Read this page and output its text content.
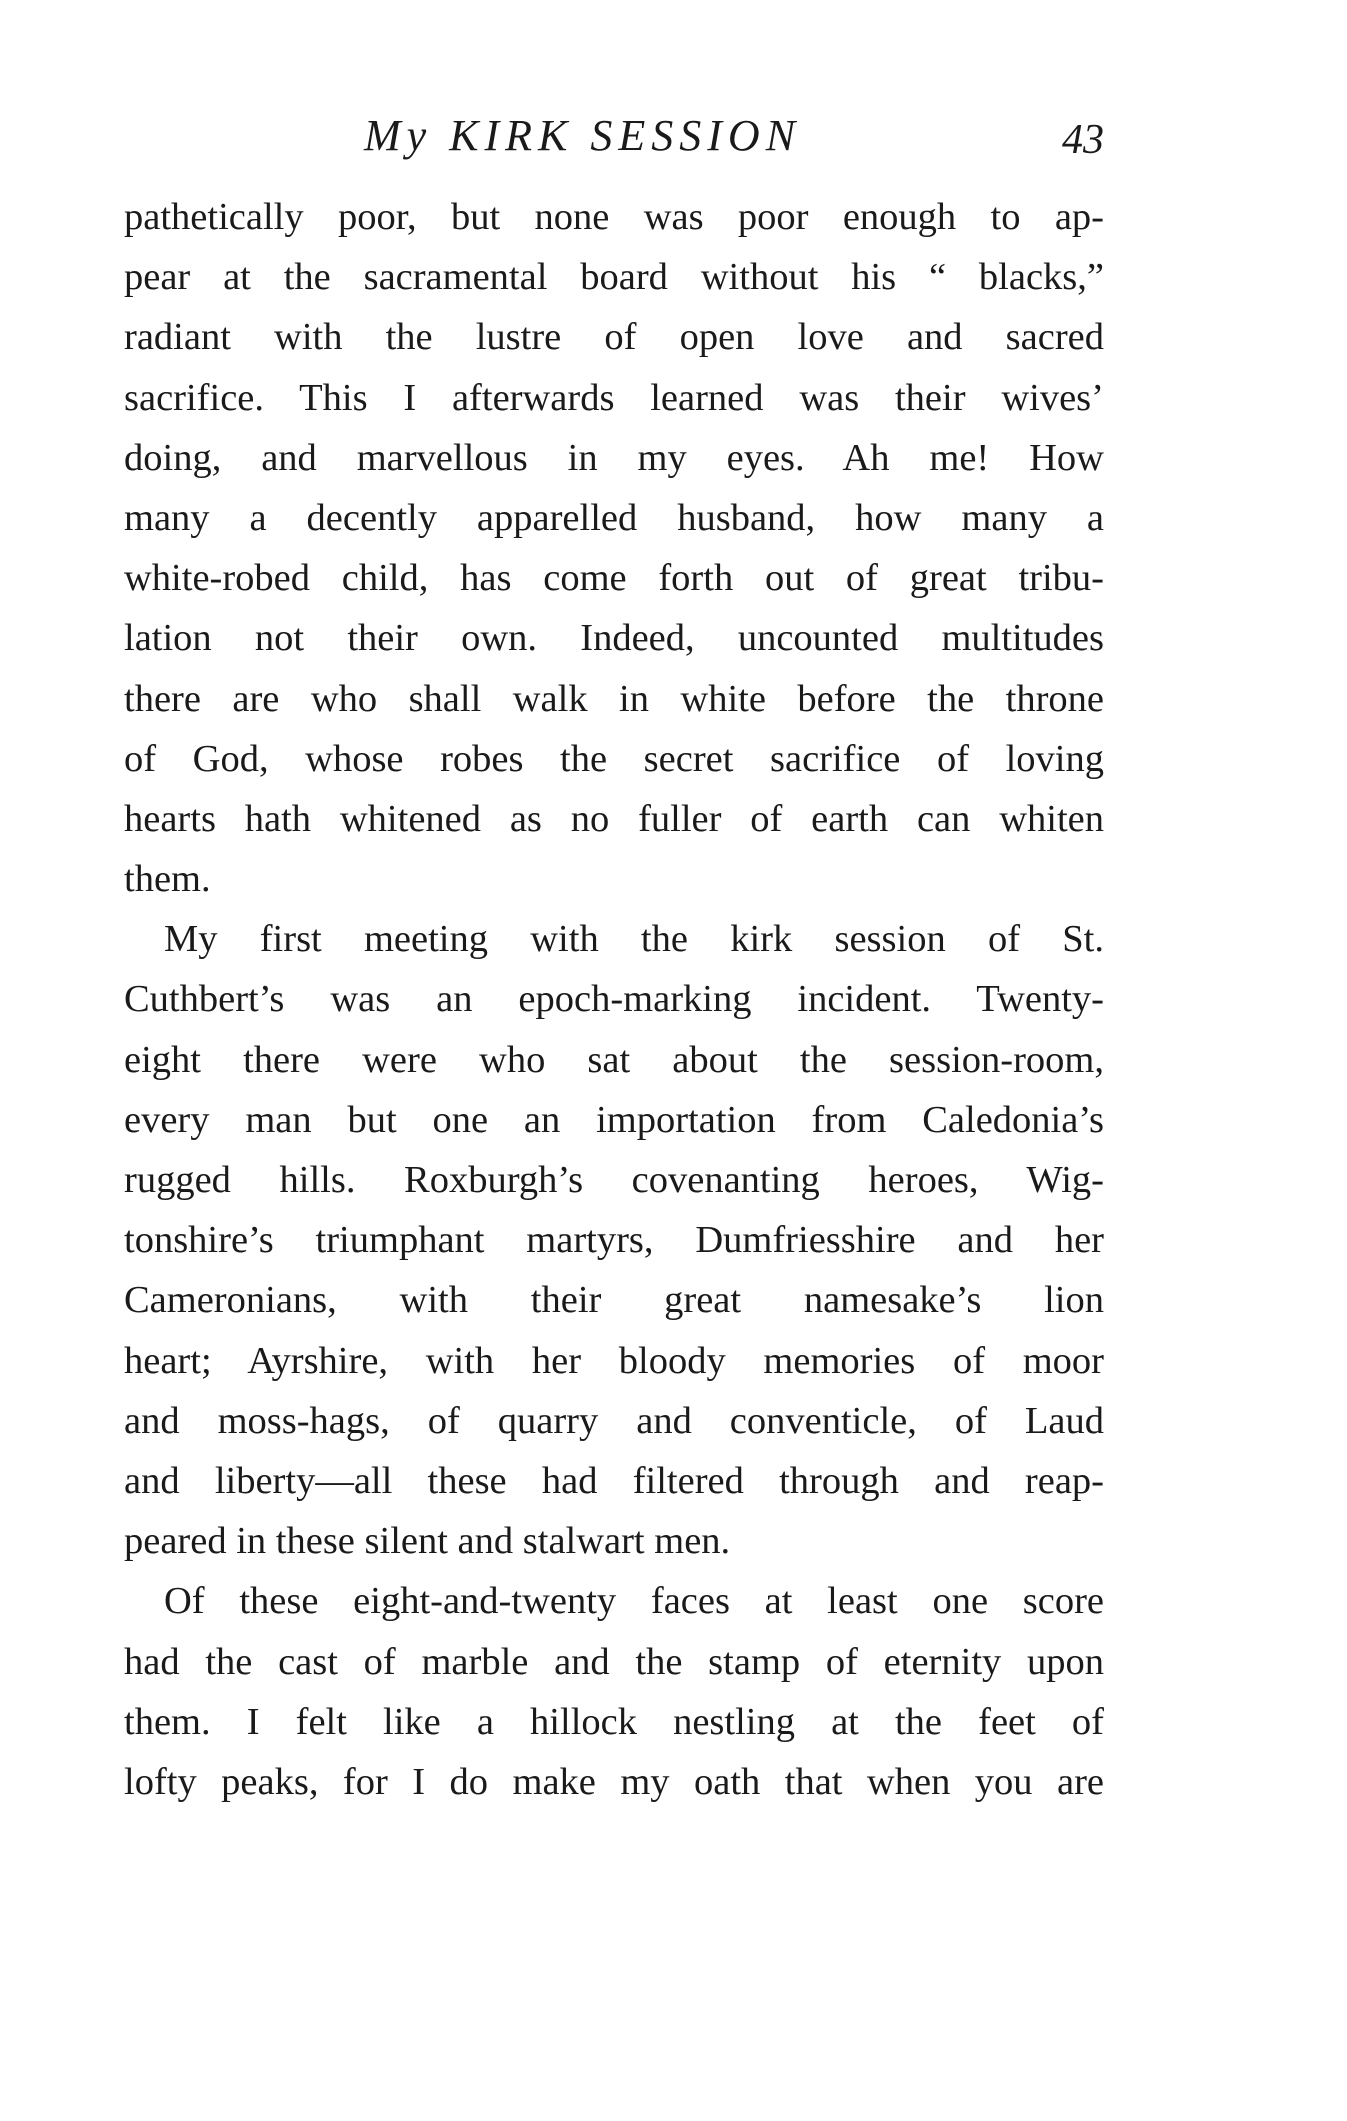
My KIRK SESSION	43
pathetically poor, but none was poor enough to ap-
pear at the sacramental board without his “ blacks,”
radiant with the lustre of open love and sacred
sacrifice. This I afterwards learned was their wives’
doing, and marvellous in my eyes. Ah me! How
many a decently apparelled husband, how many a
white-robed child, has come forth out of great tribu-
lation not their own. Indeed, uncounted multitudes
there are who shall walk in white before the throne
of God, whose robes the secret sacrifice of loving
hearts hath whitened as no fuller of earth can whiten
them.
My first meeting with the kirk session of St.
Cuthbert’s was an epoch-marking incident. Twenty-
eight there were who sat about the session-room,
every man but one an importation from Caledonia’s
rugged hills. Roxburgh’s covenanting heroes, Wig-
tonshire’s triumphant martyrs, Dumfriesshire and her
Cameronians, with their great namesake’s lion
heart; Ayrshire, with her bloody memories of moor
and moss-hags, of quarry and conventicle, of Laud
and liberty—all these had filtered through and reap-
peared in these silent and stalwart men.
Of these eight-and-twenty faces at least one score
had the cast of marble and the stamp of eternity upon
them. I felt like a hillock nestling at the feet of
lofty peaks, for I do make my oath that when you are
